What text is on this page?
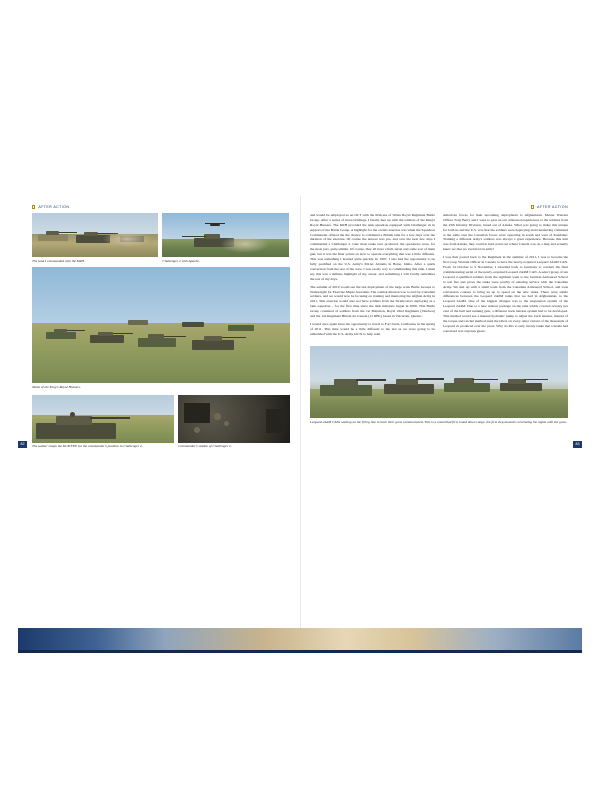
AFTER ACTION
The tank I commanded with the KRH.	Challenger 2 with Apache.
Tanks of the King's Royal Hussars.
The author swaps the KUWVEE for the commander's position in Challenger 2.	Commander's station of Challenger 2.
82
AFTER ACTION

and would be employed as an OCT with the Princess of Wales Royal Regiment Battle Group. After a series of more briefings, I finally met up with the soldiers of the King's Royal Hussars. The KRH provided the tank squadron equipped with Challenger 2s in support of the Battle Group. A highlight for me on this exercise was when the Squadron Commander offered me the chance to command a British tank for a few days over the duration of the exercise. Of course the answer was yes, and over the next few days I commanded a Challenger 2. Like most tanks ever produced, the operations were, for the most part, quite similar. Of course, they all have a hull, turret and some sort of main gun, but it was the finer points on how to operate everything that was a little different. This was something I learned quite quickly. In 1997, I also had the opportunity to be fully qualified on the U.S. Army's M1A1 Abrams in Boise, Idaho. After a quick conversion from the rest of the crew, I was on my way to commanding this tank. I must say this was a definite highlight of my career, and something I will fondly remember the rest of my days.

The autumn of 2010 would see the last deployment of the large scale Battle Groups to Wainwright for Exercise Maple Guardian. The combat mission was to end for Canadian soldiers, and we would now be focusing on training and mentoring the Afghan Army in 2011. This exercise would also not have soldiers from the Strathcona's deploying as a tank squadron – for the first time since the tank missions began in 2006. This Battle Group consisted of soldiers from the 1st Battalion, Royal 22nd Regiment (Vandoos) and the 12e Regiment Blinde du Canada (12 RBC) based in Valcartier, Quebec.

I would once again have the opportunity to travel to Fort Irwin, California, in the spring of 2011. This time would be a little different to the last as we were going to be embedded with the U.S. Army OCTs to help train

American forces for their upcoming deployment to Afghanistan. Master Warrant Officer Tony Berry and I were to pass on our armoured experiences to the soldiers from the 25th Infantry Division, based out of Alaska. What was going to make this unique for both us and the U.S. was that the soldiers were deploying and transferring command at the same area the Canadian forces were operating in south and west of Kandahar. Training a different army's soldiers was always a great experience. Because this unit was from Alaska, they could at least point out where Canada was on a map and actually knew we that we even had an army!

I was then posted back to the Regiment in the summer of 2011, I was to become the first troop Warrant Officer in Canada to have the newly-acquired Leopard 2A4M CAN. From 14 October to 5 November, I travelled back to Germany to conduct the final commissioning serial of the newly-acquired Leopard 2A4M CAN. A select group of ten Leopard 2-qualified soldiers from the regiment went to the German Armoured School to test fire and prove the tanks were worthy of entering service with the Canadian Army. We met up with a small team from the Canadian Armoured School, and took conversion courses to bring us up to speed on the new tanks. There were subtle differences between the Leopard 2A6M tanks that we had in Afghanistan, to the Leopard 2A4M. One of the biggest changes was to the suspension system of the Leopard 2A4M. Due to a new armour package on the tank which covered seventy per cent of the hull and running gear, a different track tension system had to be developed. This method would see a manual hydraulic pump to adjust the track tension, instead of the torque and ratchet method used the idlers on every other variant of the thousands of Leopard 2s produced over the years. Why do this to only twenty tanks that Canada had converted was anyones guess.

Leopard 2A4M CANs waiting on the firing line to have their guns commissioned. This is a controlled first round down range, the first step towards correlating the sights with the guns.
83
